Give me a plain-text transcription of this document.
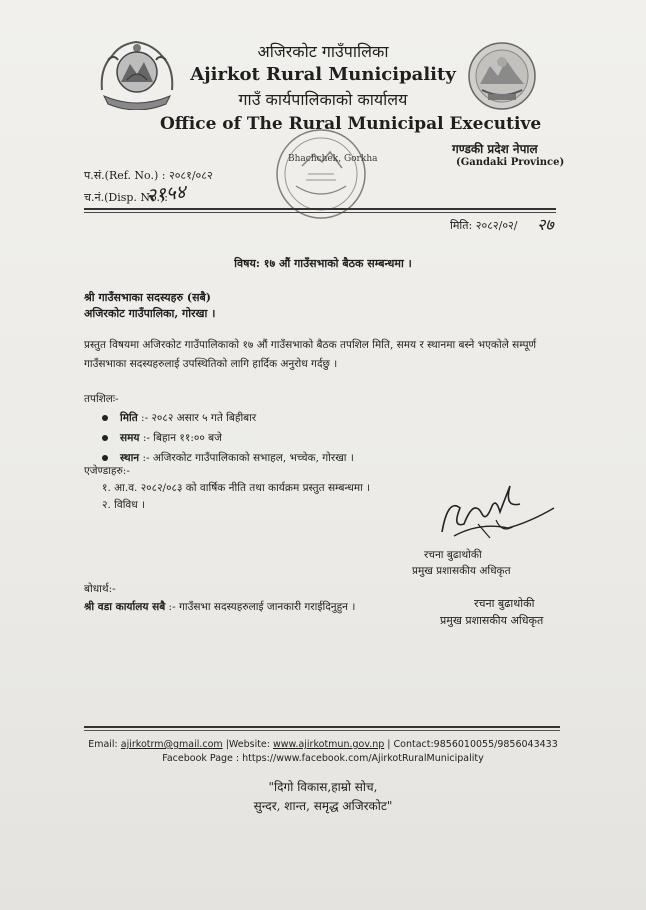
अजिरकोट गाउँपालिका
Ajirkot Rural Municipality
गाउँ कार्यपालिकाको कार्यालय
Office of The Rural Municipal Executive
गण्डकी प्रदेश नेपाल
(Gandaki Province)
Bhachchek, Gorkha
प.सं.(Ref. No.) : २०८१/०८२
च.नं.(Disp. No.):
२१५४
मिति: २०८२/०२/ २७
विषय: १७ औं गाउँसभाको बैठक सम्बन्धमा ।
श्री गाउँसभाका सदस्यहरु (सबै)
अजिरकोट गाउँपालिका, गोरखा ।
प्रस्तुत विषयमा अजिरकोट गाउँपालिकाको १७ औं गाउँसभाको बैठक तपशिल मिति, समय र स्थानमा बस्ने भएकोले सम्पूर्ण गाउँसभाका सदस्यहरुलाई उपस्थितिको लागि हार्दिक अनुरोध गर्दछु ।
तपशिलः-
मिति :- २०८२ असार ५ गते बिहीबार
समय :- बिहान ११:०० बजे
स्थान :- अजिरकोट गाउँपालिकाको सभाहल, भच्चेक, गोरखा ।
एजेण्डाहरु:-
१. आ.व. २०८२/०८३ को वार्षिक नीति तथा कार्यक्रम प्रस्तुत सम्बन्धमा ।
२. विविध ।
रचना बुढाथोकी
प्रमुख प्रशासकीय अधिकृत
बोधार्थ:-
श्री वडा कार्यालय सबै :- गाउँसभा सदस्यहरुलाई जानकारी गराईदिनुहुन ।	रचना बुढाथोकी
प्रमुख प्रशासकीय अधिकृत
Email: ajirkotrm@gmail.com |Website: www.ajirkotmun.gov.np | Contact:9856010055/9856043433
Facebook Page : https://www.facebook.com/AjirkotRuralMunicipality
"दिगो विकास,हाम्रो सोच,
सुन्दर, शान्त, समृद्ध अजिरकोट"
